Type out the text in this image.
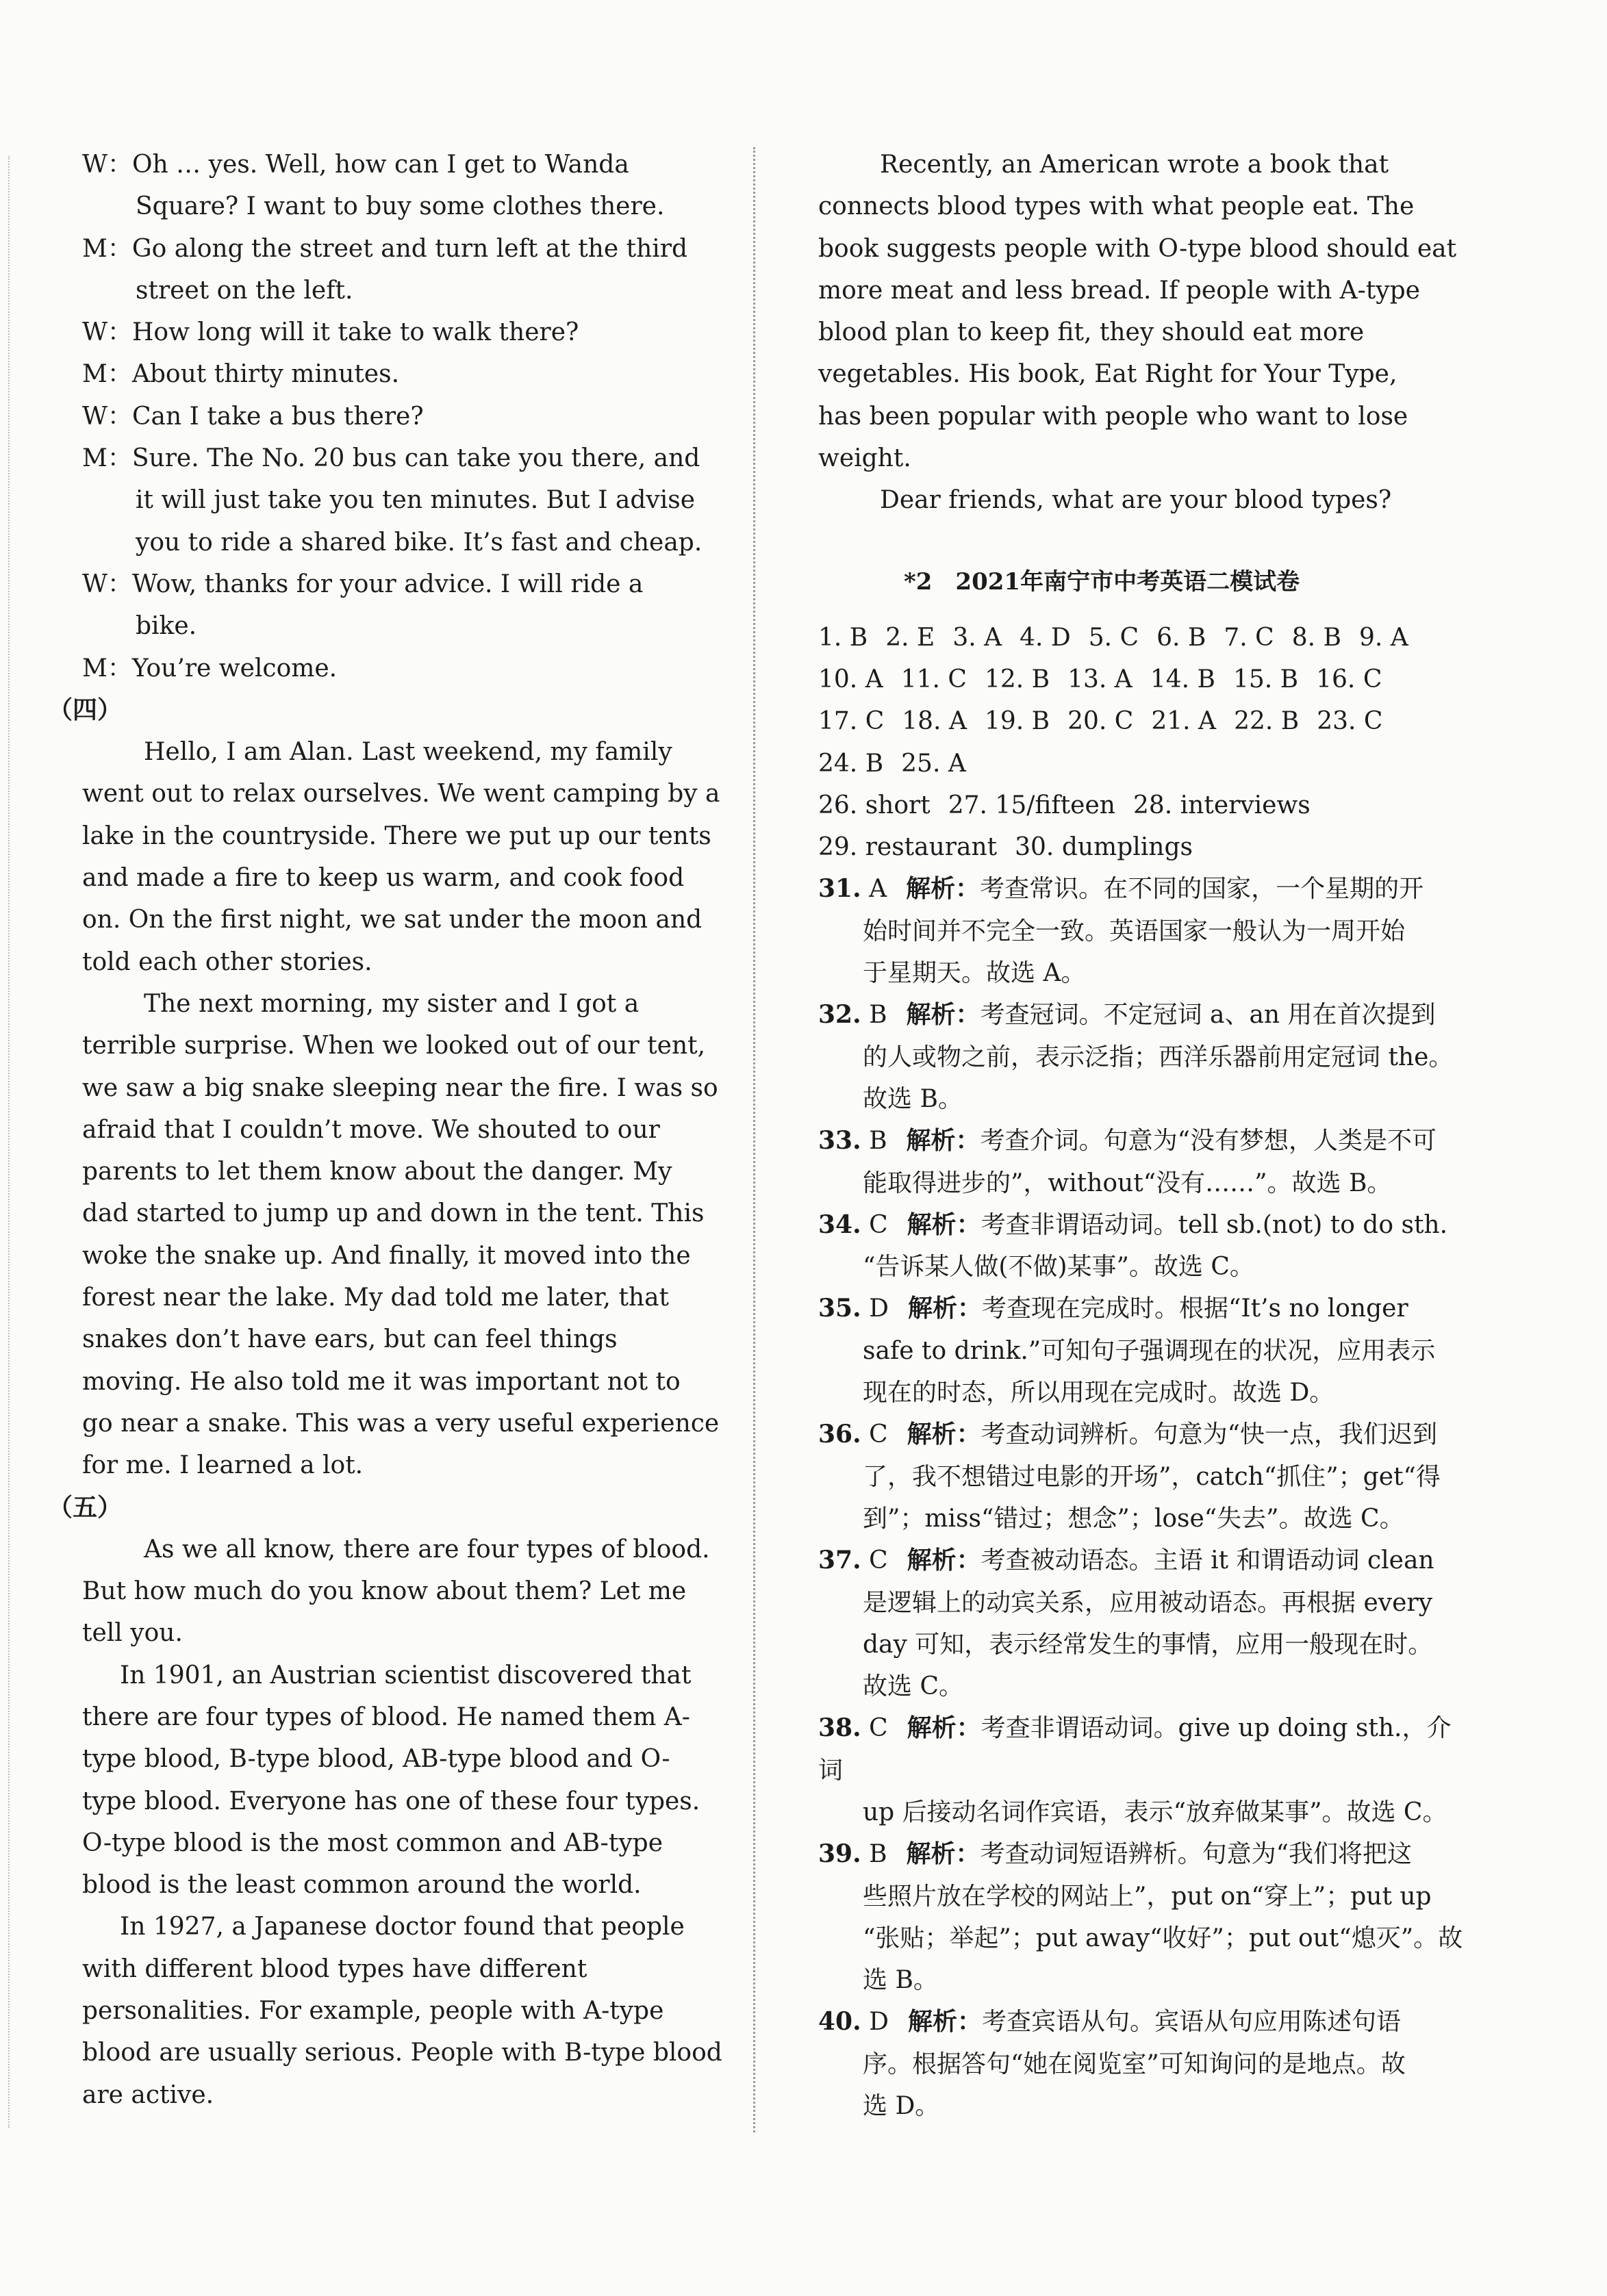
W：Oh … yes. Well, how can I get to Wanda
Square? I want to buy some clothes there.
M：Go along the street and turn left at the third
street on the left.
W：How long will it take to walk there?
M：About thirty minutes.
W：Can I take a bus there?
M：Sure. The No. 20 bus can take you there, and
it will just take you ten minutes. But I advise
you to ride a shared bike. It’s fast and cheap.
W：Wow, thanks for your advice. I will ride a
bike.
M：You’re welcome.
（四）
Hello, I am Alan. Last weekend, my family
went out to relax ourselves. We went camping by a
lake in the countryside. There we put up our tents
and made a fire to keep us warm, and cook food
on. On the first night, we sat under the moon and
told each other stories.
The next morning, my sister and I got a
terrible surprise. When we looked out of our tent,
we saw a big snake sleeping near the fire. I was so
afraid that I couldn’t move. We shouted to our
parents to let them know about the danger. My
dad started to jump up and down in the tent. This
woke the snake up. And finally, it moved into the
forest near the lake. My dad told me later, that
snakes don’t have ears, but can feel things
moving. He also told me it was important not to
go near a snake. This was a very useful experience
for me. I learned a lot.
（五）
As we all know, there are four types of blood.
But how much do you know about them? Let me
tell you.
In 1901, an Austrian scientist discovered that
there are four types of blood. He named them A-
type blood, B-type blood, AB-type blood and O-
type blood. Everyone has one of these four types.
O-type blood is the most common and AB-type
blood is the least common around the world.
In 1927, a Japanese doctor found that people
with different blood types have different
personalities. For example, people with A-type
blood are usually serious. People with B-type blood
are active.
Recently, an American wrote a book that
connects blood types with what people eat. The
book suggests people with O-type blood should eat
more meat and less bread. If people with A-type
blood plan to keep fit, they should eat more
vegetables. His book, Eat Right for Your Type,
has been popular with people who want to lose
weight.
Dear friends, what are your blood types?
*2　2021年南宁市中考英语二模试卷
1. B 2. E 3. A 4. D 5. C 6. B 7. C 8. B 9. A
10. A 11. C 12. B 13. A 14. B 15. B 16. C
17. C 18. A 19. B 20. C 21. A 22. B 23. C
24. B 25. A
26. short 27. 15/fifteen 28. interviews
29. restaurant 30. dumplings
31. A 解析：考查常识。在不同的国家，一个星期的开
始时间并不完全一致。英语国家一般认为一周开始
于星期天。故选 A。
32. B 解析：考查冠词。不定冠词 a、an 用在首次提到
的人或物之前，表示泛指；西洋乐器前用定冠词 the。
故选 B。
33. B 解析：考查介词。句意为“没有梦想，人类是不可
能取得进步的”，without“没有……”。故选 B。
34. C 解析：考查非谓语动词。tell sb.(not) to do sth.
“告诉某人做(不做)某事”。故选 C。
35. D 解析：考查现在完成时。根据“It’s no longer
safe to drink.”可知句子强调现在的状况，应用表示
现在的时态，所以用现在完成时。故选 D。
36. C 解析：考查动词辨析。句意为“快一点，我们迟到
了，我不想错过电影的开场”，catch“抓住”；get“得
到”；miss“错过；想念”；lose“失去”。故选 C。
37. C 解析：考查被动语态。主语 it 和谓语动词 clean
是逻辑上的动宾关系，应用被动语态。再根据 every
day 可知，表示经常发生的事情，应用一般现在时。
故选 C。
38. C 解析：考查非谓语动词。give up doing sth.，介词
up 后接动名词作宾语，表示“放弃做某事”。故选 C。
39. B 解析：考查动词短语辨析。句意为“我们将把这
些照片放在学校的网站上”，put on“穿上”；put up
“张贴；举起”；put away“收好”；put out“熄灭”。故
选 B。
40. D 解析：考查宾语从句。宾语从句应用陈述句语
序。根据答句“她在阅览室”可知询问的是地点。故
选 D。
